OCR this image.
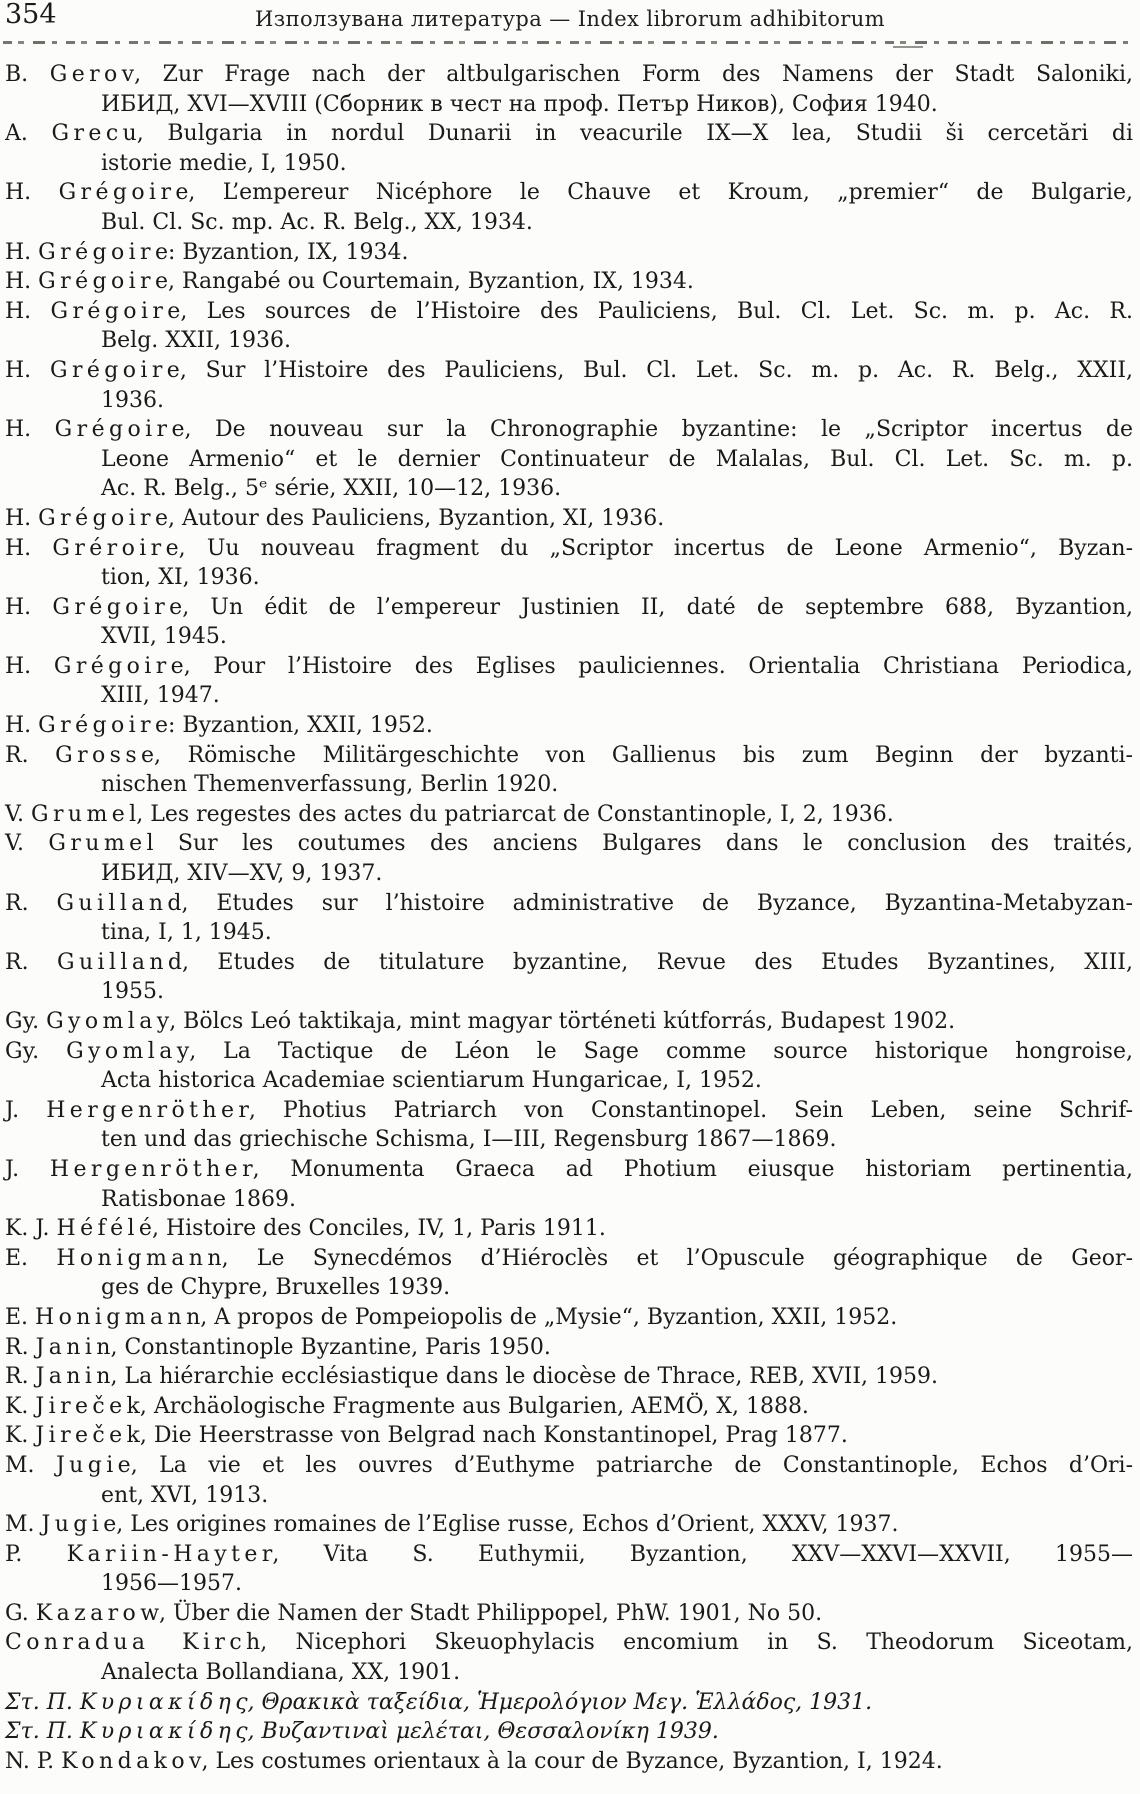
354	Използувана литература — Index librorum adhibitorum
B. Gerov, Zur Frage nach der altbulgarischen Form des Namens der Stadt Saloniki,
ИБИД, XVI—XVIII (Сборник в чест на проф. Петър Ников), София 1940.
A. Grecu, Bulgaria in nordul Dunarii in veacurile IX—X lea, Studii ši cercetări di
istorie medie, I, 1950.
H. Grégoire, L’empereur Nicéphore le Chauve et Kroum, „premier“ de Bulgarie,
Bul. Cl. Sc. mp. Ac. R. Belg., XX, 1934.
H. Grégoire: Byzantion, IX, 1934.
H. Grégoire, Rangabé ou Courtemain, Byzantion, IX, 1934.
H. Grégoire, Les sources de l’Histoire des Pauliciens, Bul. Cl. Let. Sc. m. p. Ac. R.
Belg. XXII, 1936.
H. Grégoire, Sur l’Histoire des Pauliciens, Bul. Cl. Let. Sc. m. p. Ac. R. Belg., XXII,
1936.
H. Grégoire, De nouveau sur la Chronographie byzantine: le „Scriptor incertus de
Leone Armenio“ et le dernier Continuateur de Malalas, Bul. Cl. Let. Sc. m. p.
Ac. R. Belg., 5ᵉ série, XXII, 10—12, 1936.
H. Grégoire, Autour des Pauliciens, Byzantion, XI, 1936.
H. Gréroire, Uu nouveau fragment du „Scriptor incertus de Leone Armenio“, Byzan-
tion, XI, 1936.
H. Grégoire, Un édit de l’empereur Justinien II, daté de septembre 688, Byzantion,
XVII, 1945.
H. Grégoire, Pour l’Histoire des Eglises pauliciennes. Orientalia Christiana Periodica,
XIII, 1947.
H. Grégoire: Byzantion, XXII, 1952.
R. Grosse, Römische Militärgeschichte von Gallienus bis zum Beginn der byzanti-
nischen Themenverfassung, Berlin 1920.
V. Grumel, Les regestes des actes du patriarcat de Constantinople, I, 2, 1936.
V. Grumel Sur les coutumes des anciens Bulgares dans le conclusion des traités,
ИБИД, XIV—XV, 9, 1937.
R. Guilland, Etudes sur l’histoire administrative de Byzance, Byzantina-Metabyzan-
tina, I, 1, 1945.
R. Guilland, Etudes de titulature byzantine, Revue des Etudes Byzantines, XIII,
1955.
Gy. Gyomlay, Bölcs Leó taktikaja, mint magyar történeti kútforrás, Budapest 1902.
Gy. Gyomlay, La Tactique de Léon le Sage comme source historique hongroise,
Acta historica Academiae scientiarum Hungaricae, I, 1952.
J. Hergenröther, Photius Patriarch von Constantinopel. Sein Leben, seine Schrif-
ten und das griechische Schisma, I—III, Regensburg 1867—1869.
J. Hergenröther, Monumenta Graeca ad Photium eiusque historiam pertinentia,
Ratisbonae 1869.
K. J. Héfélé, Histoire des Conciles, IV, 1, Paris 1911.
E. Honigmann, Le Synecdémos d’Hiéroclès et l’Opuscule géographique de Geor-
ges de Chypre, Bruxelles 1939.
E. Honigmann, A propos de Pompeiopolis de „Mysie“, Byzantion, XXII, 1952.
R. Janin, Constantinople Byzantine, Paris 1950.
R. Janin, La hiérarchie ecclésiastique dans le diocèse de Thrace, REB, XVII, 1959.
K. Jireček, Archäologische Fragmente aus Bulgarien, AEMÖ, X, 1888.
K. Jireček, Die Heerstrasse von Belgrad nach Konstantinopel, Prag 1877.
M. Jugie, La vie et les ouvres d’Euthyme patriarche de Constantinople, Echos d’Ori-
ent, XVI, 1913.
M. Jugie, Les origines romaines de l’Eglise russe, Echos d’Orient, XXXV, 1937.
P. Kariin-Hayter, Vita S. Euthymii, Byzantion, XXV—XXVI—XXVII, 1955—
1956—1957.
G. Kazarow, Über die Namen der Stadt Philippopel, PhW. 1901, No 50.
Conradua Kirch, Nicephori Skeuophylacis encomium in S. Theodorum Siceotam,
Analecta Bollandiana, XX, 1901.
Στ. Π. Κυριακίδης, Θρακικὰ ταξείδια, Ἡμερολόγιον Μεγ. Ἑλλάδος, 1931.
Στ. Π. Κυριακίδης, Βυζαντιναὶ μελέται, Θεσσαλονίκη 1939.
N. P. Kondakov, Les costumes orientaux à la cour de Byzance, Byzantion, I, 1924.
